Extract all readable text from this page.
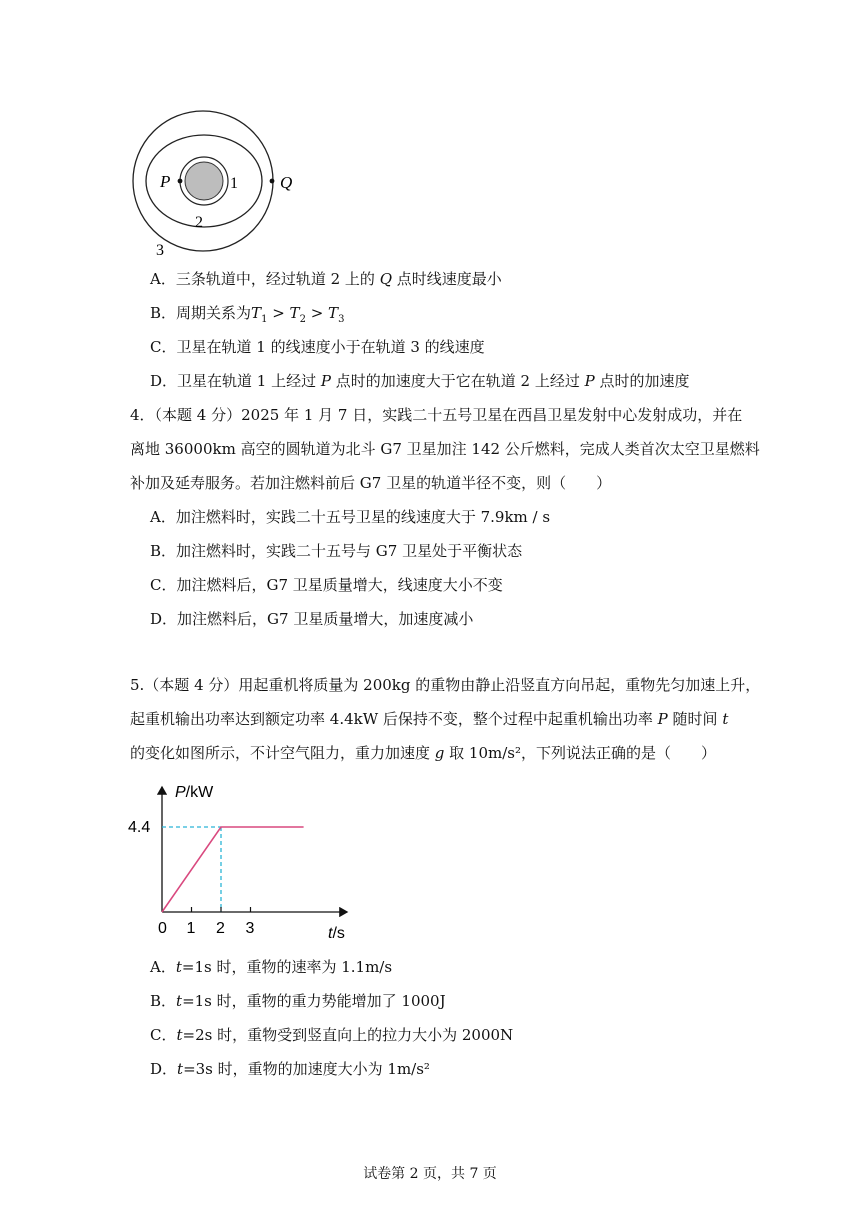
P	1 Q
2
3
A．三条轨道中，经过轨道 2 上的 Q 点时线速度最小
B．周期关系为$T_1 > T_2 > T_3$
C．卫星在轨道 1 的线速度小于在轨道 3 的线速度
D．卫星在轨道 1 上经过 P 点时的加速度大于它在轨道 2 上经过 P 点时的加速度
4．（本题 4 分）2025 年 1 月 7 日，实践二十五号卫星在西昌卫星发射中心发射成功，并在
离地 36000km 高空的圆轨道为北斗 G7 卫星加注 142 公斤燃料，完成人类首次太空卫星燃料
补加及延寿服务。若加注燃料前后 G7 卫星的轨道半径不变，则（　　）
A．加注燃料时，实践二十五号卫星的线速度大于 7.9km / s
B．加注燃料时，实践二十五号与 G7 卫星处于平衡状态
C．加注燃料后，G7 卫星质量增大，线速度大小不变
D．加注燃料后，G7 卫星质量增大，加速度减小
5.（本题 4 分）用起重机将质量为 200kg 的重物由静止沿竖直方向吊起，重物先匀加速上升，
起重机输出功率达到额定功率 4.4kW 后保持不变，整个过程中起重机输出功率 P 随时间 t
的变化如图所示，不计空气阻力，重力加速度 g 取 10m/s²，下列说法正确的是（　　）
P/kW
t/s
0 1 2 3
4.4
A．t=1s 时，重物的速率为 1.1m/s
B．t=1s 时，重物的重力势能增加了 1000J
C．t=2s 时，重物受到竖直向上的拉力大小为 2000N
D．t=3s 时，重物的加速度大小为 1m/s²
试卷第 2 页，共 7 页
